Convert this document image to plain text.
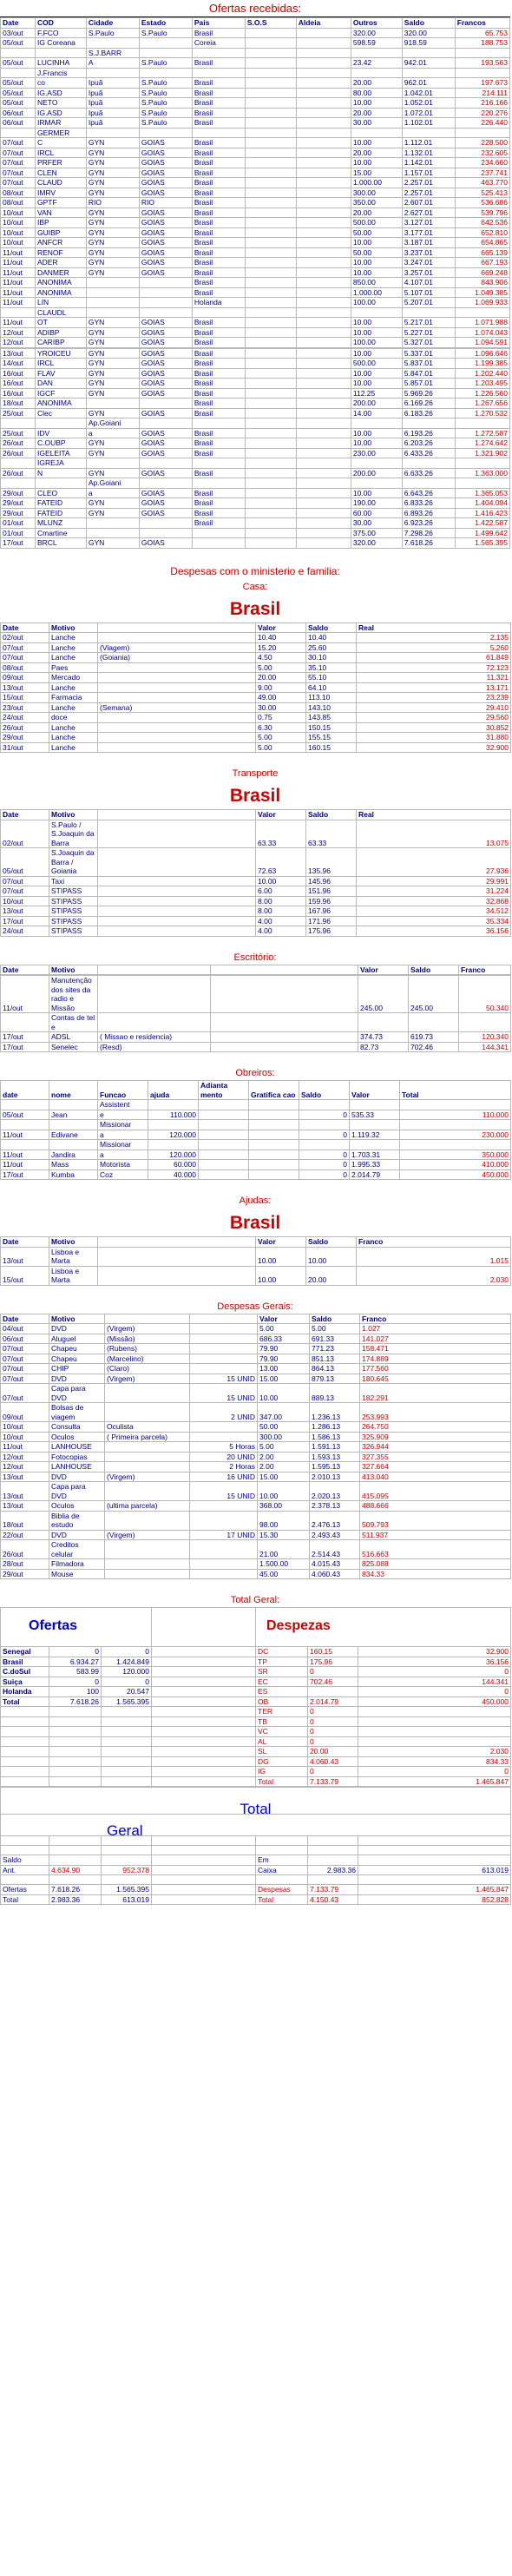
Ofertas recebidas:
Date	COD	Cidade	Estado	Pais	S.O.S	Aldeia	Outros	Saldo	Francos
03/out	F.FCO	S.Paulo	S.Paulo	Brasil			320.00	320.00	65.753
05/out	IG Coreana			Coreia			598.59	918.59	188.753
		S.J.BARR							
05/out	LUCINHA	A	S.Paulo	Brasil			23.42	942.01	193.563
	J.Francis								
05/out	co	Ipuã	S.Paulo	Brasil			20.00	962.01	197.673
05/out	IG.ASD	Ipuã	S.Paulo	Brasil			80.00	1.042.01	214.111
05/out	NETO	Ipuã	S.Paulo	Brasil			10.00	1.052.01	216.166
06/out	IG.ASD	Ipuã	S.Paulo	Brasil			20.00	1.072.01	220.276
06/out	IRMAR	Ipuã	S.Paulo	Brasil			30.00	1.102.01	226.440
	GERMER								
07/out	C	GYN	GOIAS	Brasil			10.00	1.112.01	228.500
07/out	IRCL	GYN	GOIAS	Brasil			20.00	1.132.01	232.605
07/out	PRFER	GYN	GOIAS	Brasil			10.00	1.142.01	234.660
07/out	CLEN	GYN	GOIAS	Brasil			15.00	1.157.01	237.741
07/out	CLAUD	GYN	GOIAS	Brasil			1.000.00	2.257.01	463.770
08/out	IMRV	GYN	GOIAS	Brasil			300.00	2.257.01	525.413
08/out	GPTF	RIO	RIO	Brasil			350.00	2.607.01	536.686
10/out	VAN	GYN	GOIAS	Brasil			20.00	2.627.01	539.796
10/out	IBP	GYN	GOIAS	Brasil			500.00	3.127.01	642.536
10/out	GUIBP	GYN	GOIAS	Brasil			50.00	3.177.01	652.810
10/out	ANFCR	GYN	GOIAS	Brasil			10.00	3.187.01	654.865
11/out	RENOF	GYN	GOIAS	Brasil			50.00	3.237.01	665.139
11/out	ADER	GYN	GOIAS	Brasil			10.00	3.247.01	667.193
11/out	DANMER	GYN	GOIAS	Brasil			10.00	3.257.01	669.248
11/out	ANONIMA			Brasil			850.00	4.107.01	843.906
11/out	ANONIMA			Brasil			1.000.00	5.107.01	1.049.385
11/out	LIN			Holanda			100.00	5.207.01	1.069.933
	CLAUDL								
11/out	OT	GYN	GOIAS	Brasil			10.00	5.217.01	1.071.988
12/out	ADIBP	GYN	GOIAS	Brasil			10.00	5.227.01	1.074.043
12/out	CARIBP	GYN	GOIAS	Brasil			100.00	5.327.01	1.094.591

13/out	YROICEU	GYN	GOIAS	Brasil			10.00	5.337.01	1.096.646
14/out	IRCL	GYN	GOIAS	Brasil			500.00	5.837.01	1.199.385
16/out	FLAV	GYN	GOIAS	Brasil			10.00	5.847.01	1.202.440
16/out	DAN	GYN	GOIAS	Brasil			10.00	5.857.01	1.203.495
16/out	IGCF	GYN	GOIAS	Brasil			112.25	5.969.26	1.226.560
18/out	ANONIMA			Brasil			200.00	6.169.26	1.267.656
25/out	Clec	GYN	GOIAS	Brasil			14.00	6.183.26	1.270.532
		Ap.Goiani							
25/out	IDV	a	GOIAS	Brasil			10.00	6.193.26	1.272.587
26/out	C.OUBP	GYN	GOIAS	Brasil			10.00	6.203.26	1.274.642
26/out	IGELEITA	GYN	GOIAS	Brasil			230.00	6.433.26	1.321.902
	IGREJA								
26/out	N	GYN	GOIAS	Brasil			200.00	6.633.26	1.363.000
		Ap.Goiani							
29/out	CLEO	a	GOIAS	Brasil			10.00	6.643.26	1.365.053
29/out	FATEID	GYN	GOIAS	Brasil			190.00	6.833.26	1.404.094
29/out	FATEID	GYN	GOIAS	Brasil			60.00	6.893.26	1.416.423
01/out	MLUNZ			Brasil			30.00	6.923.26	1.422.587
01/out	Cmartine						375.00	7.298.26	1.499.642
17/out	BRCL	GYN	GOIAS				320.00	7.618.26	1.565.395
Despesas com o ministerio e familia:
Casa:
Brasil
Date	Motivo		Valor	Saldo	Real
02/out	Lanche		10.40	10.40	2.135
07/out	Lanche	(Viagem)	15.20	25.60	5.260
07/out	Lanche	(Goiania)	4.50	30.10	61.849
08/out	Paes		5.00	35.10	72.123
09/out	Mercado		20.00	55.10	11.321
13/out	Lanche		9.00	64.10	13.171
15/out	Farmacia		49.00	113.10	23.239
23/out	Lanche	(Semana)	30.00	143.10	29.410
24/out	doce		0.75	143.85	29.560
26/out	Lanche		6.30	150.15	30.852
29/out	Lanche		5.00	155.15	31.880
31/out	Lanche		5.00	160.15	32.900
Transporte
Brasil
Date	Motivo		Valor	Saldo	Real
02/out	S.Paulo / S.Joaquin da Barra		63.33	63.33	13.075
05/out	S.Joaquin da Barra / Goiania		72.63	135.96	27.936
07/out	Taxi		10.00	145.96	29.991
07/out	STIPASS		6.00	151.96	31.224
10/out	STIPASS		8.00	159.96	32.868
13/out	STIPASS		8.00	167.96	34.512
17/out	STIPASS		4.00	171.96	35.334
24/out	STIPASS		4.00	175.96	36.156
Escritório:
Date	Motivo			Valor	Saldo	Franco

11/out	Manutenção dos sites da radio e Missão			245.00	245.00	50.340
	Contas de tel e					
17/out	ADSL	( Missao e residencia)		374.73	619.73	120.340
17/out	Senelec	(Resd)		82.73	702.46	144.341
Obreiros:
date	nome	Funcao	ajuda	Adianta mento	Gratifica cao	Saldo	Valor	Total
		Assistent						
05/out	Jean	e	110.000			0	535.33	110.000
		Missionar						
11/out	Edivane	a	120.000			0	1.119.32	230.000
		Missionar						
11/out	Jandira	a	120.000			0	1.703.31	350.000
11/out	Mass	Motorista	60.000			0	1.995.33	410.000
17/out	Kumba	Coz	40.000			0	2.014.79	450.000
Ajudas:
Brasil
Date	Motivo		Valor	Saldo	Franco
13/out	Lisboa e Marta		10.00	10.00	1.015
15/out	Lisboa e Marta		10.00	20.00	2.030
Despesas Gerais:
Date	Motivo			Valor	Saldo	Franco
04/out	DVD	(Virgem)		5.00	5.00	1.027
06/out	Aluguel	(Missão)		686.33	691.33	141.027
07/out	Chapeu	(Rubens)		79.90	771.23	158.471
07/out	Chapeu	(Marcelino)		79.90	851.13	174.889
07/out	CHIP	(Claro)		13.00	864.13	177.560
07/out	DVD	(Virgem)	15 UNID	15.00	879.13	180.645
07/out	Capa para DVD		15 UNID	10.00	889.13	182.291
09/out	Bolsas de viagem		2 UNID	347.00	1.236.13	253.993
10/out	Consulta	Oculista		50.00	1.286.13	264.750
10/out	Oculos	( Primeira parcela)		300.00	1.586.13	325.909
11/out	LANHOUSE		5 Horas	5.00	1.591.13	326.944
12/out	Fotocopias		20 UNID	2.00	1.593.13	327.355
12/out	LANHOUSE		2 Horas	2.00	1.595.13	327.664
13/out	DVD	(Virgem)	16 UNID	15.00	2.010.13	413.040
13/out	Capa para DVD		15 UNID	10.00	2.020.13	415.095
13/out	Oculos	(ultima parcela)		368.00	2.378.13	488.666
18/out	Biblia de estudo			98.00	2.476.13	509.793
22/out	DVD	(Virgem)	17 UNID	15.30	2.493.43	511.937
26/out	Creditos celular			21.00	2.514.43	516.663
28/out	Filmadora			1.500.00	4.015.43	825.088
29/out	Mouse			45.00	4.060.43	834.33
Total Geral:
Ofertas				Despezas		
Senegal	0	0		DC	160.15	32.900
Brasil	6.934.27	1.424.849		TP	175.96	36.156
C.doSul	583.99	120.000		SR	0	0
Suiça	0	0		EC	702.46	144.341
Holanda	100	20.547		ES		0
Total	7.618.26	1.565.395		OB	2.014.79	450.000
				TER	0	
				TB	0	
				VC	0	
				AL	0	
				SL	20.00	2.030
				DG	4.060.43	834.33
				IG	0	0
				Total	7.133.79	1.465.847
Total						

Geral						

Saldo				Em		
Ant.	4.634.90	952.378		Caixa	2.983.36	613.019

Ofertas	7.618.26	1.565.395		Despesas	7.133.79	1.465.847
Total	2.983.36	613.019		Total	4.150.43	852.828
